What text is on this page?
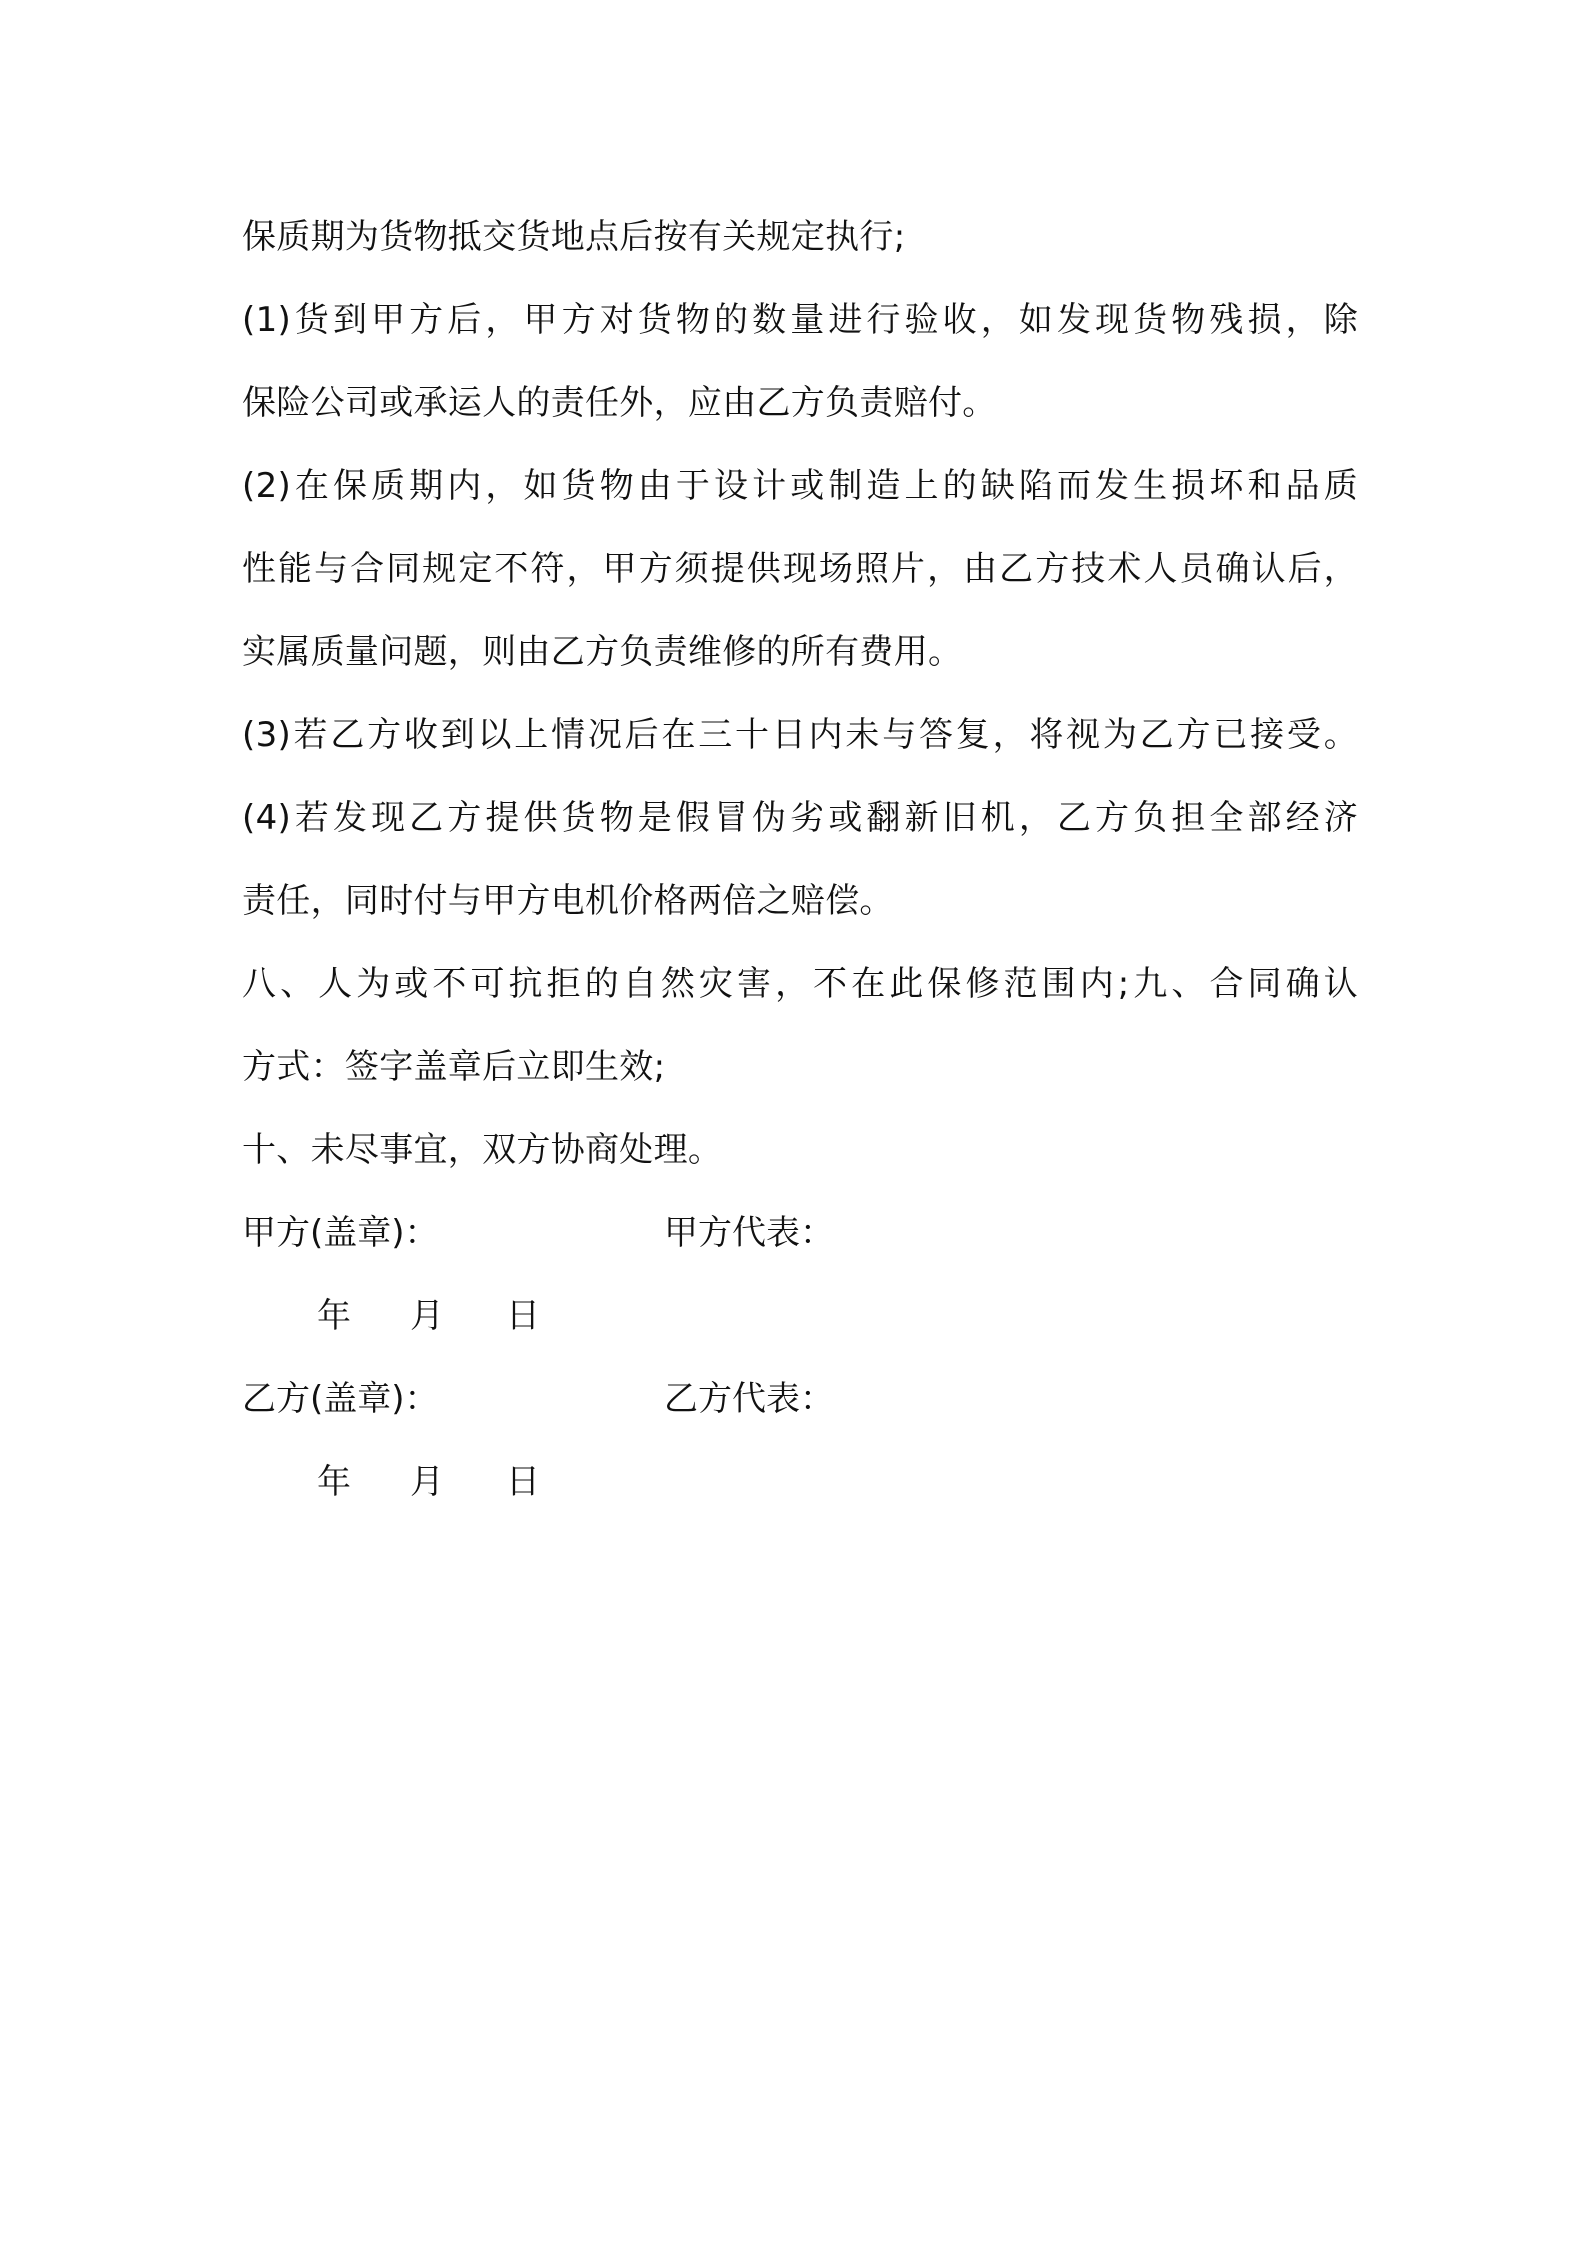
保质期为货物抵交货地点后按有关规定执行;
(1)货到甲方后，甲方对货物的数量进行验收，如发现货物残损，除
保险公司或承运人的责任外，应由乙方负责赔付。
(2)在保质期内，如货物由于设计或制造上的缺陷而发生损坏和品质
性能与合同规定不符，甲方须提供现场照片，由乙方技术人员确认后，
实属质量问题，则由乙方负责维修的所有费用。
(3)若乙方收到以上情况后在三十日内未与答复，将视为乙方已接受。
(4)若发现乙方提供货物是假冒伪劣或翻新旧机，乙方负担全部经济
责任，同时付与甲方电机价格两倍之赔偿。
八、人为或不可抗拒的自然灾害，不在此保修范围内;九、合同确认
方式：签字盖章后立即生效;
十、未尽事宜，双方协商处理。
甲方(盖章)：	甲方代表：
年 月 日
乙方(盖章)：	乙方代表：
年 月 日
